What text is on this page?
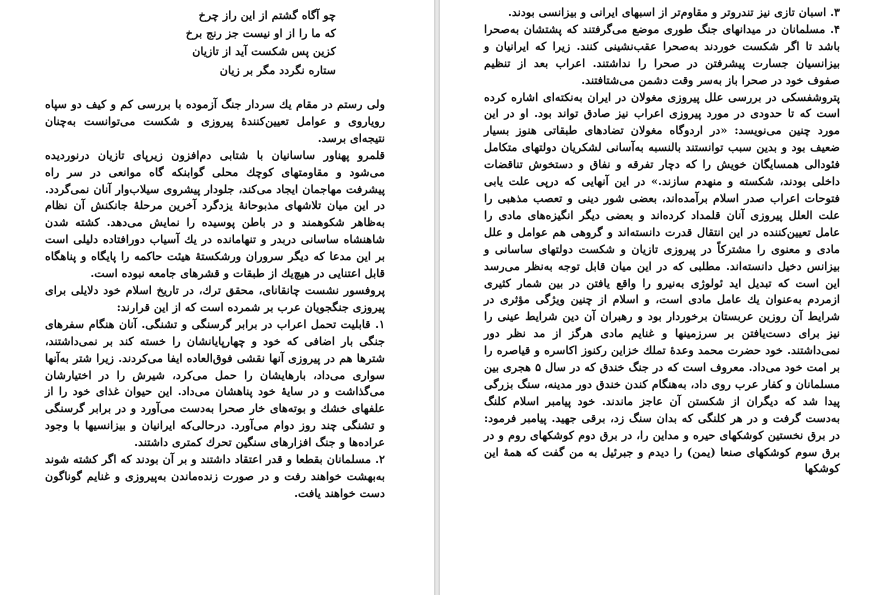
چو آگاه گشتم از این راز چرخ
که ما را از او نیست جز رنج برخ
کزین پس شکست آید از تازیان
ستاره نگردد مگر بر زیان

ولی رستم در مقام یك سردار جنگ آزموده با بررسی کم و کیف دو سپاه رویاروی و عوامل تعیین‌کنندهٔ پیروزی و شکست می‌توانست به‌چنان نتیجه‌ای برسد.

قلمرو پهناور ساسانیان با شتابی دم‌افزون زیرپای تازیان درنوردیده می‌شود و مقاومتهای کوچك محلی گوابنکه گاه موانعی در سر راه پیشرفت مهاجمان ایجاد می‌کند، جلودار پیشروی سیلاب‌وار آنان نمی‌گردد. در این میان تلاشهای مذبوحانهٔ یزدگرد آخرین مرحلهٔ جانکنش آن نظام به‌ظاهر شکوهمند و در باطن پوسیده را نمایش می‌دهد. کشته شدن شاهنشاه ساسانی دربدر و تنهامانده در یك آسیاب دورافتاده دلیلی است بر این مدعا که دیگر سروران ورشکستهٔ هیئت حاکمه را پایگاه و پناهگاه قابل اعتنایی در هیچ‌یك از طبقات و قشرهای جامعه نبوده است.

پروفسور نشست چانقانای، محقق ترك، در تاریخ اسلام خود دلایلی برای پیروزی جنگجویان عرب بر شمرده است که از این قرارند:

۱. قابلیت تحمل اعراب در برابر گرسنگی و تشنگی. آنان هنگام سفرهای جنگی بار اضافی که خود و چهارپایانشان را خسته کند بر نمی‌داشتند، شترها هم در پیروزی آنها نقشی فوق‌العاده ایفا می‌کردند. زیرا شتر به‌آنها سواری می‌داد، بارهایشان را حمل می‌کرد، شیرش را در اختیارشان می‌گذاشت و در سایهٔ خود پناهشان می‌داد. این حیوان غذای خود را از علفهای خشك و بوته‌های خار صحرا به‌دست می‌آورد و در برابر گرسنگی و تشنگی چند روز دوام می‌آورد. درحالی‌که ایرانیان و بیزانسیها با وجود عراده‌ها و جنگ افزارهای سنگین تحرك کمتری داشتند.

۲. مسلمانان بقطعا و قدر اعتقاد داشتند و بر آن بودند که اگر کشته شوند به‌بهشت خواهند رفت و در صورت زنده‌ماندن به‌پیروزی و غنایم گوناگون دست خواهند یافت.

۳. اسبان تازی نیز تندروتر و مقاوم‌تر از اسبهای ایرانی و بیزانسی بودند.

۴. مسلمانان در میدانهای جنگ طوری موضع می‌گرفتند که پشتشان به‌صحرا باشد تا اگر شکست خوردند به‌صحرا عقب‌نشینی کنند. زیرا که ایرانیان و بیزانسیان جسارت پیشرفتن در صحرا را نداشتند. اعراب بعد از تنظیم صفوف خود در صحرا باز به‌سر وقت دشمن می‌شتافتند.

پتروشفسکی در بررسی علل پیروزی مغولان در ایران به‌نکته‌ای اشاره کرده است که تا حدودی در مورد پیروزی اعراب نیز صادق تواند بود. او در این مورد چنین می‌نویسد: «در اردوگاه مغولان تضادهای طبقاتی هنوز بسیار ضعیف بود و بدین سبب توانستند بالنسبه به‌آسانی لشکریان دولتهای متکامل فئودالی همسایگان خویش را که دچار تفرقه و نفاق و دستخوش تناقضات داخلی بودند، شکسته و منهدم سازند.» در این آنهایی که درپی علت یابی فتوحات اعراب صدر اسلام برآمده‌اند، بعضی شور دینی و تعصب مذهبی را علت العلل پیروزی آنان قلمداد کرده‌اند و بعضی دیگر انگیزه‌های مادی را عامل تعیین‌کننده در این انتقال قدرت دانسته‌اند و گروهی هم عوامل و علل مادی و معنوی را مشترکاً در پیروزی تازیان و شکست دولتهای ساسانی و بیزانس دخیل دانسته‌اند. مطلبی که در این میان قابل توجه به‌نظر می‌رسد این است که تبدیل اید ئولوژی به‌نیرو را واقع یافتن در بین شمار کثیری ازمردم به‌عنوان یك عامل مادی است، و اسلام از چنین ویژگی مؤثری در شرایط آن روزین عربستان برخوردار بود و رهبران آن دین شرایط عینی را نیز برای دست‌یافتن بر سرزمینها و غنایم مادی هرگز از مد نظر دور نمی‌داشتند. خود حضرت محمد وعدهٔ تملك خزاین رکنوز اکاسره و قیاصره را بر امت خود می‌داد. معروف است که در جنگ خندق که در سال ۵ هجری بین مسلمانان و کفار عرب روی داد، به‌هنگام کندن خندق دور مدینه، سنگ بزرگی پیدا شد که دیگران از شکستن آن عاجز ماندند. خود پیامبر اسلام کلنگ به‌دست گرفت و در هر کلنگی که بدان سنگ زد، برقی جهید. پیامبر فرمود: در برق نخستین کوشکهای حیره و مداین را، در برق دوم کوشکهای روم و در برق سوم کوشکهای صنعا (یمن) را دیدم و جبرئیل به من گفت که همهٔ این کوشکها
